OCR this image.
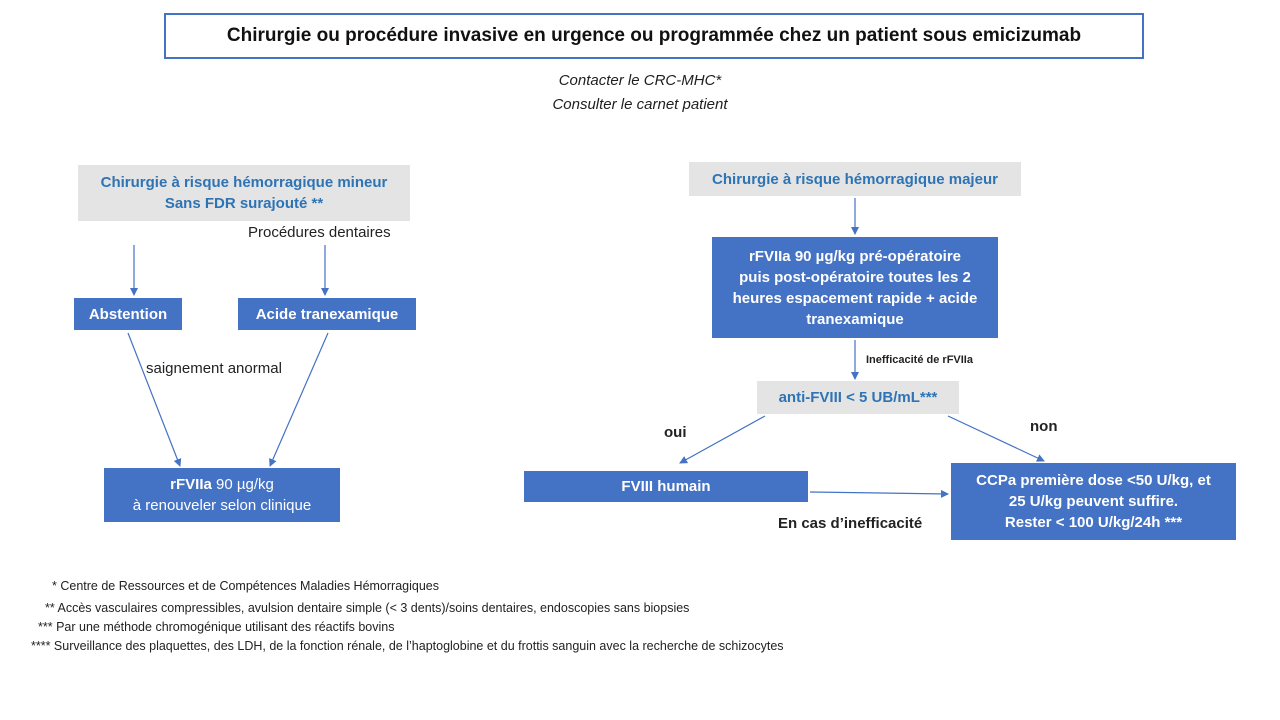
Chirurgie ou procédure invasive en urgence ou programmée chez un patient sous emicizumab
Contacter le CRC-MHC*
Consulter le carnet patient
Chirurgie à risque hémorragique mineur
Sans FDR surajouté **
Procédures dentaires
Abstention	Acide tranexamique
saignement anormal
rFVIIa 90 µg/kg
à renouveler selon clinique
Chirurgie à risque hémorragique majeur
rFVIIa 90 µg/kg pré-opératoire
puis post-opératoire toutes les 2
heures espacement rapide + acide
tranexamique
Inefficacité de rFVIIa
anti-FVIII < 5 UB/mL***
oui	non
FVIII humain	CCPa première dose <50 U/kg, et
25 U/kg peuvent suffire.
Rester < 100 U/kg/24h ***
En cas d’inefficacité
* Centre de Ressources et de Compétences Maladies Hémorragiques
** Accès vasculaires compressibles, avulsion dentaire simple (< 3 dents)/soins dentaires, endoscopies sans biopsies
*** Par une méthode chromogénique utilisant des réactifs bovins
**** Surveillance des plaquettes, des LDH, de la fonction rénale, de l’haptoglobine et du frottis sanguin avec la recherche de schizocytes
